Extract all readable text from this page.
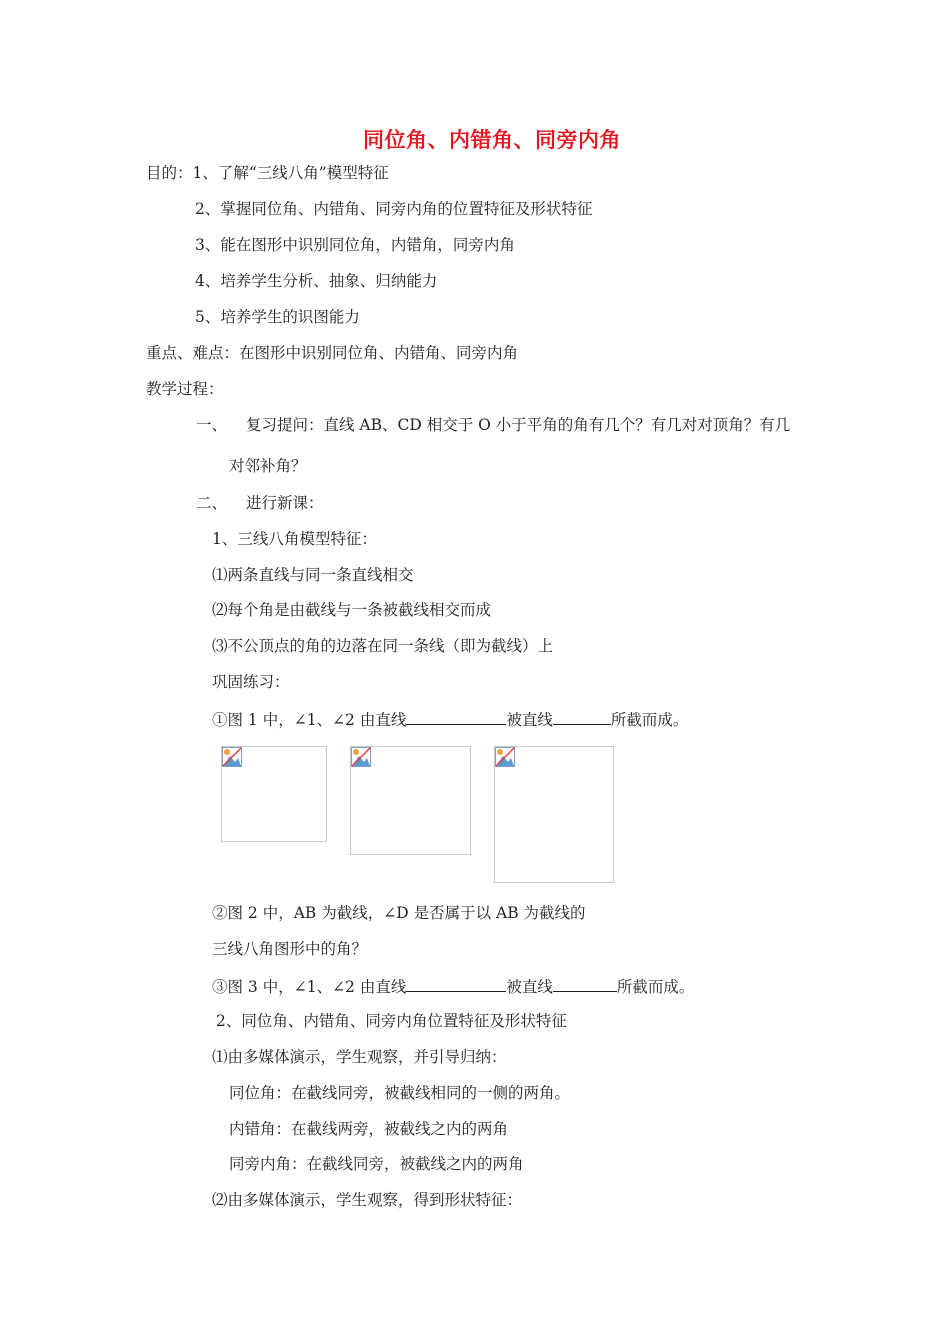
同位角、内错角、同旁内角
目的：1、了解“三线八角”模型特征
2、掌握同位角、内错角、同旁内角的位置特征及形状特征
3、能在图形中识别同位角，内错角，同旁内角
4、培养学生分析、抽象、归纳能力
5、培养学生的识图能力
重点、难点：在图形中识别同位角、内错角、同旁内角
教学过程：
一、 复习提问：直线 AB、CD 相交于 O 小于平角的角有几个？有几对对顶角？有几
对邻补角？
二、 进行新课：
1、三线八角模型特征：
⑴两条直线与同一条直线相交
⑵每个角是由截线与一条被截线相交而成
⑶不公顶点的角的边落在同一条线（即为截线）上
巩固练习：
①图 1 中，∠1、∠2 由直线	被直线	所截而成。
②图 2 中，AB 为截线，∠D 是否属于以 AB 为截线的
三线八角图形中的角？
③图 3 中，∠1、∠2 由直线	被直线	所截而成。
2、同位角、内错角、同旁内角位置特征及形状特征
⑴由多媒体演示，学生观察，并引导归纳：
同位角：在截线同旁，被截线相同的一侧的两角。
内错角：在截线两旁，被截线之内的两角
同旁内角：在截线同旁，被截线之内的两角
⑵由多媒体演示，学生观察，得到形状特征：
